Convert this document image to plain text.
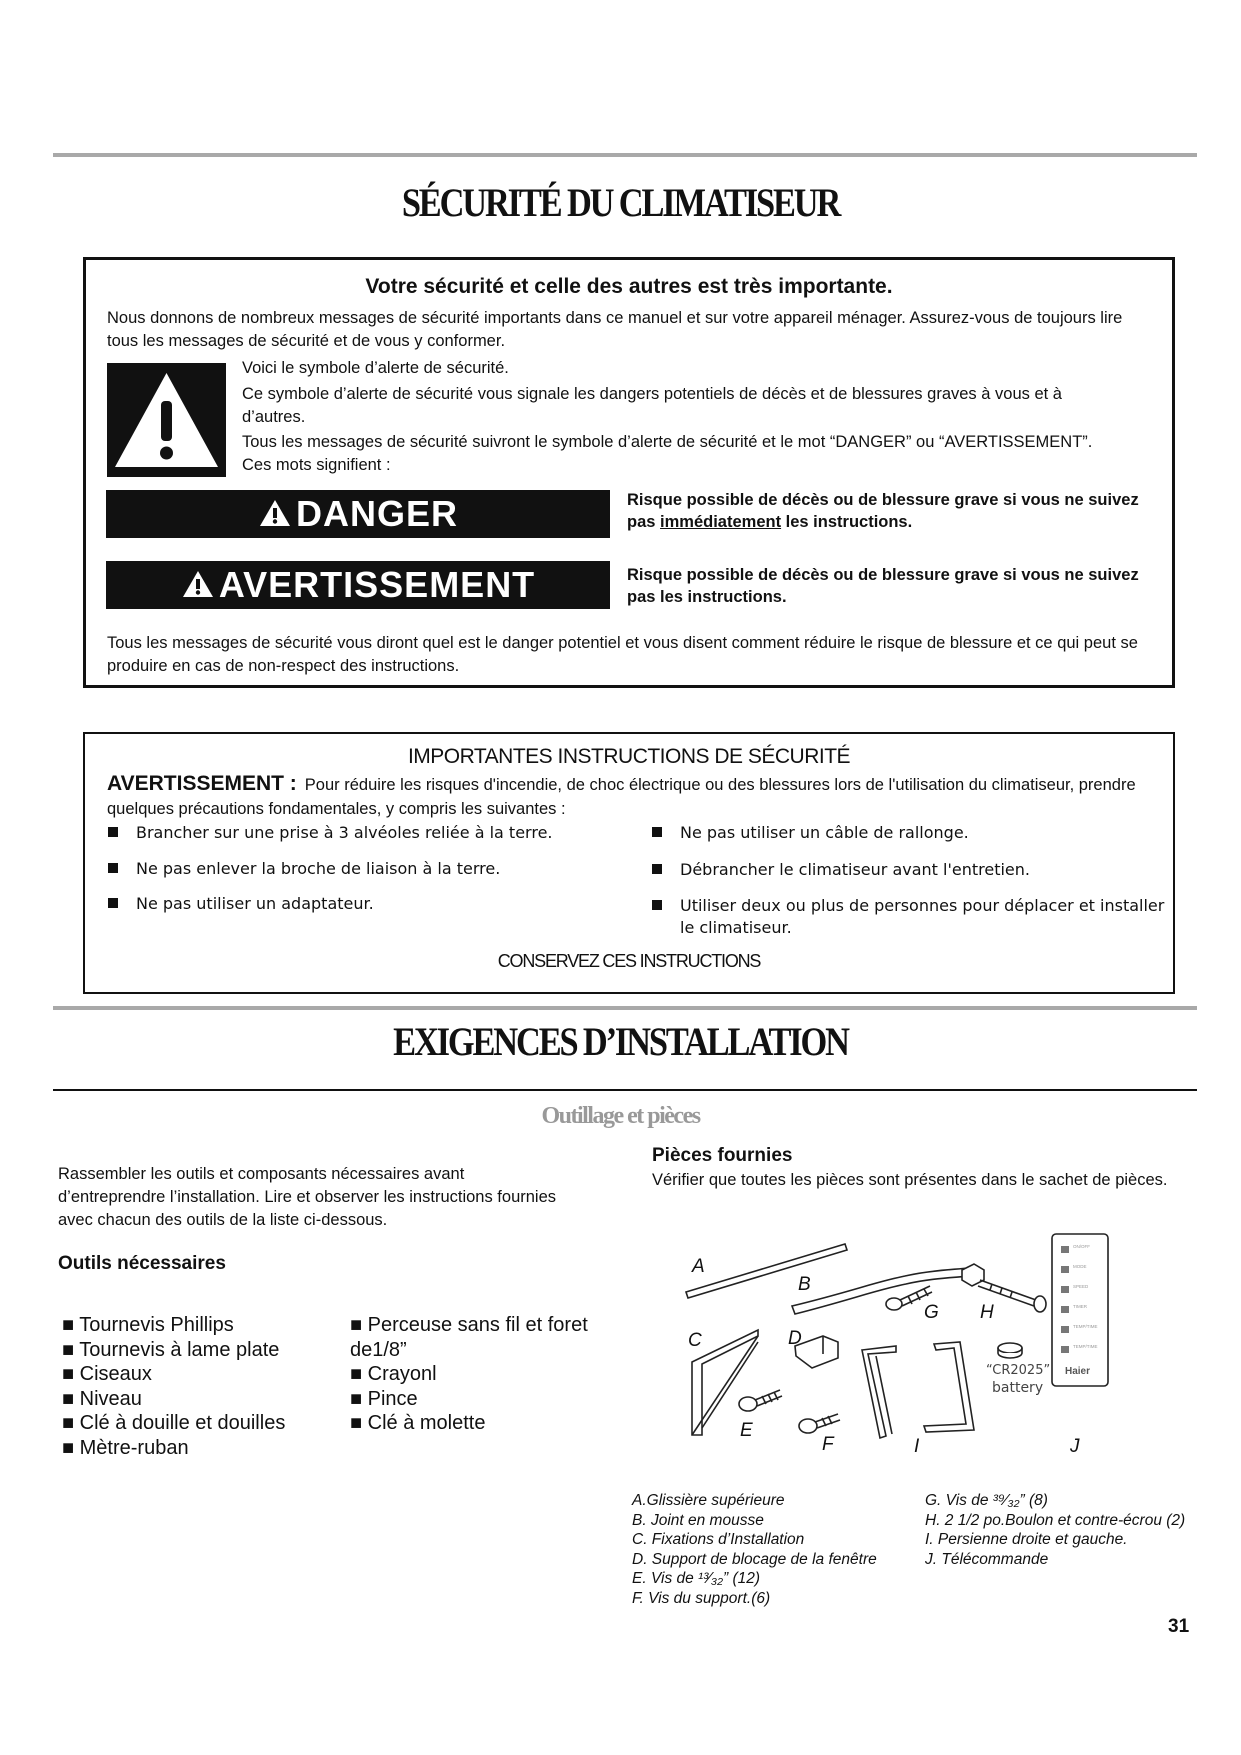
SÉCURITÉ DU CLIMATISEUR
Votre sécurité et celle des autres est très importante.
Nous donnons de nombreux messages de sécurité importants dans ce manuel et sur votre appareil ménager. Assurez-vous de toujours lire tous les messages de sécurité et de vous y conformer.
Voici le symbole d’alerte de sécurité.
Ce symbole d’alerte de sécurité vous signale les dangers potentiels de décès et de blessures graves à vous et à d’autres.
Tous les messages de sécurité suivront le symbole d’alerte de sécurité et le mot “DANGER” ou “AVERTISSEMENT”. Ces mots signifient :
DANGER	Risque possible de décès ou de blessure grave si vous ne suivez pas immédiatement les instructions.
AVERTISSEMENT	Risque possible de décès ou de blessure grave si vous ne suivez pas les instructions.
Tous les messages de sécurité vous diront quel est le danger potentiel et vous disent comment réduire le risque de blessure et ce qui peut se produire en cas de non-respect des instructions.
IMPORTANTES INSTRUCTIONS DE SÉCURITÉ
AVERTISSEMENT : Pour réduire les risques d'incendie, de choc électrique ou des blessures lors de l'utilisation du climatiseur, prendre quelques précautions fondamentales, y compris les suivantes :
Brancher sur une prise à 3 alvéoles reliée à la terre.
Ne pas enlever la broche de liaison à la terre.
Ne pas utiliser un adaptateur.
Ne pas utiliser un câble de rallonge.
Débrancher le climatiseur avant l'entretien.
Utiliser deux ou plus de personnes pour déplacer et installer le climatiseur.
CONSERVEZ CES INSTRUCTIONS
EXIGENCES D’INSTALLATION
Outillage et pièces
Rassembler les outils et composants nécessaires avant d’entreprendre l’installation. Lire et observer les instructions fournies avec chacun des outils de la liste ci-dessous.
Outils nécessaires
■ Tournevis Phillips
■ Tournevis à lame plate
■ Ciseaux
■ Niveau
■ Clé à douille et douilles
■ Mètre-ruban
■ Perceuse sans fil et foret
de1/8”
■ Crayonl
■ Pince
■ Clé à molette
Pièces fournies
Vérifier que toutes les pièces sont présentes dans le sachet de pièces.
ON/OFF
MODE
SPEED
TIMER
TEMP/TIME
TEMP/TIME
Haier
“CR2025”
battery
A
B
C	D
E
F
G H
I	J
A.Glissière supérieure
B. Joint en mousse
C. Fixations d’Installation
D. Support de blocage de la fenêtre
E. Vis de ¹³⁄₃₂” (12)
F. Vis du support.(6)
G. Vis de ³⁹⁄₃₂” (8)
H. 2 1/2 po.Boulon et contre-écrou (2)
I. Persienne droite et gauche.
J. Télécommande
31
